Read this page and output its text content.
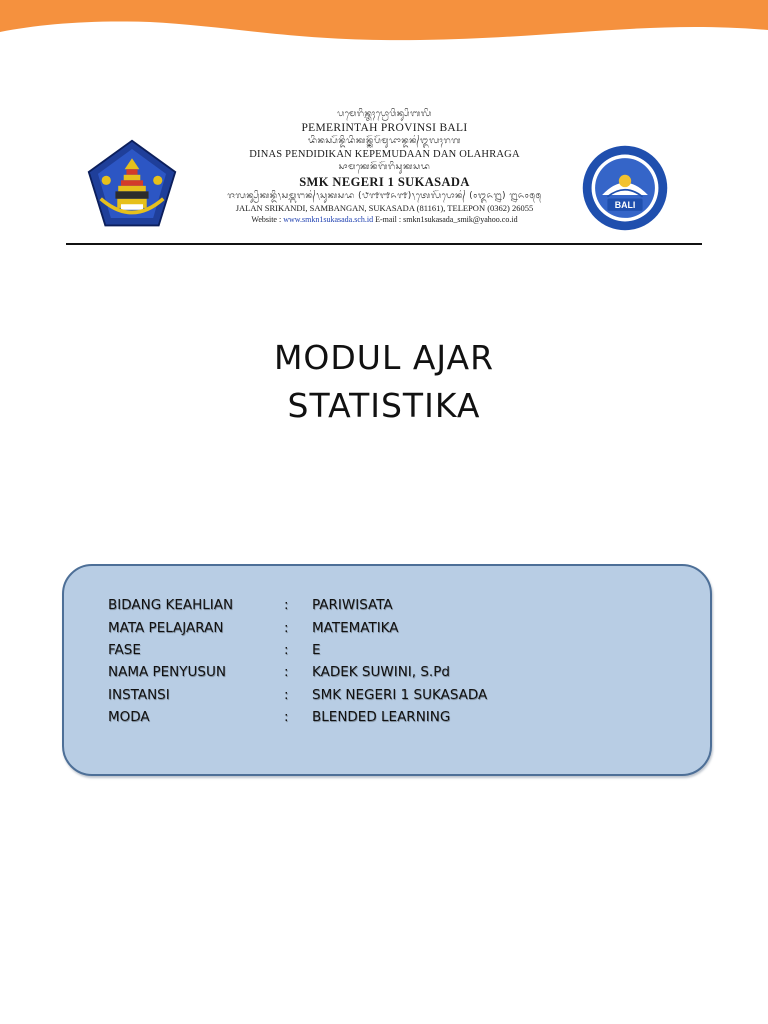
ᬧᬫᬾᬭᬶᬦ᭄ᬢᬄᬧ᭄ᬭᭀᬯᬶᬦ᭄ᬲᬶᬩᬮᬶ
PEMERINTAH PROVINSI BALI
ᬤᬶᬦᬲ᭄ᬧᭂᬦ᭄ᬤᬶᬤᬶᬓᬦ᭄ᬓᭂᬧᭂᬫᬸᬤᬵᬦ᭄ᬤᬦ᭄ᬑᬮᬄᬭᬕ
DINAS PENDIDIKAN KEPEMUDAAN DAN OLAHRAGA
ᬲᬵᬫᬓᬾᬦᭂᬕᭂᬭᬶᬲᬸᬓᬲᬤ
SMK NEGERI 1 SUKASADA
ᬚᬮᬦ᭄ᬲ᭄ᬭᬶᬓᬦ᭄ᬤᬶ᭞ᬲᬫ᭄ᬩᬗᬦ᭄᭞ᬲᬸᬓᬲᬤ (᭘᭑᭑᭖᭑)᭞ᬢᬾᬮᭂᬧᭀᬦ᭄ (᭐᭓᭖᭒) ᭒᭖᭐᭕᭕
JALAN SRIKANDI, SAMBANGAN, SUKASADA (81161), TELEPON (0362) 26055
Website : www.smkn1sukasada.sch.id E-mail : smkn1sukasada_smik@yahoo.co.id
BALI
MODUL AJAR
STATISTIKA
BIDANG KEAHLIAN	:	PARIWISATA
MATA PELAJARAN	:	MATEMATIKA
FASE	:	E
NAMA PENYUSUN	:	KADEK SUWINI, S.Pd
INSTANSI	:	SMK NEGERI 1 SUKASADA
MODA	:	BLENDED LEARNING
